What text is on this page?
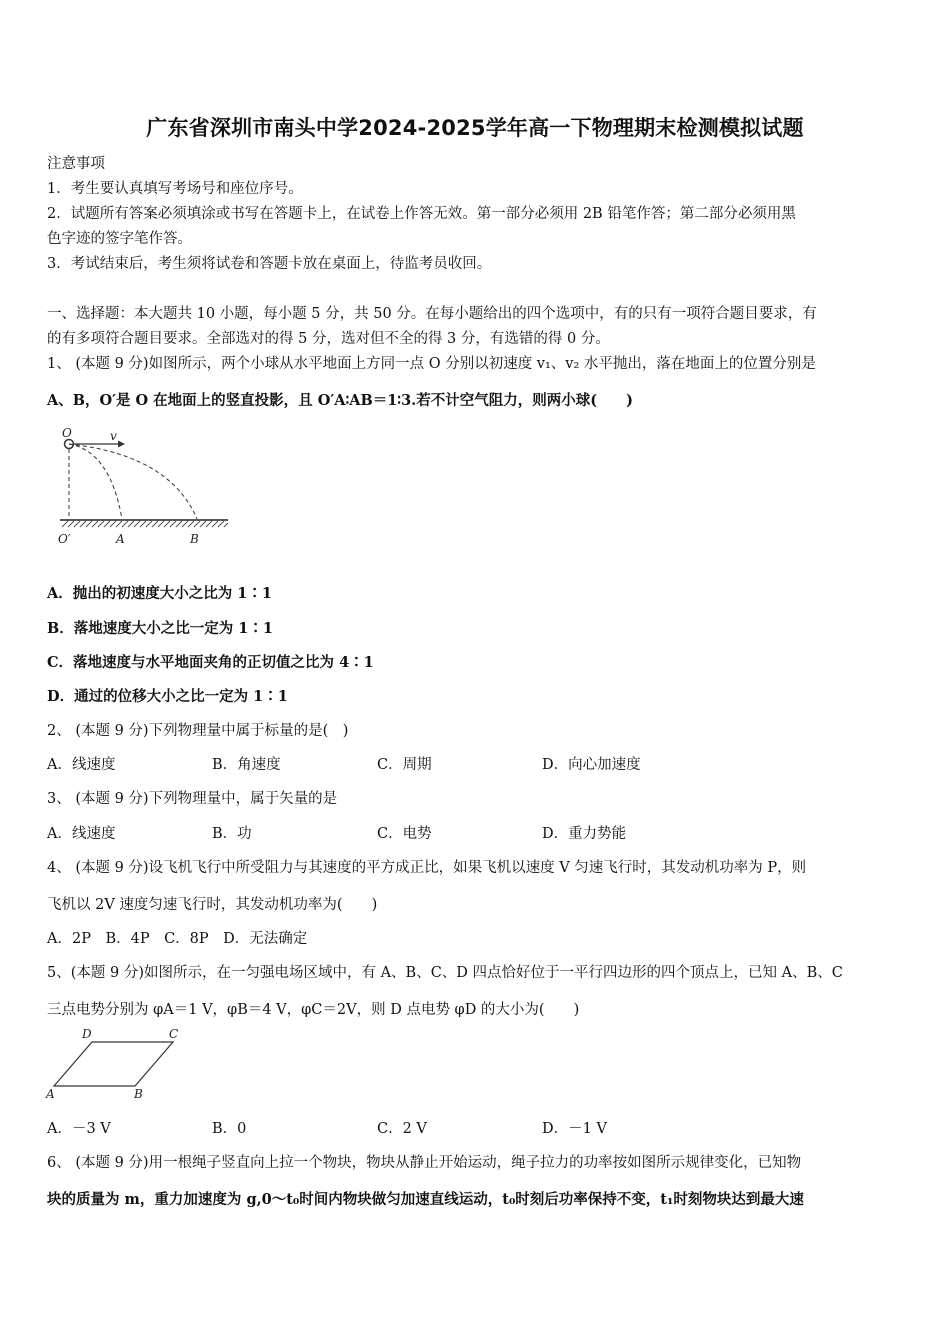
广东省深圳市南头中学2024-2025学年高一下物理期末检测模拟试题
注意事项
1．考生要认真填写考场号和座位序号。
2．试题所有答案必须填涂或书写在答题卡上，在试卷上作答无效。第一部分必须用 2B 铅笔作答；第二部分必须用黑
色字迹的签字笔作答。
3．考试结束后，考生须将试卷和答题卡放在桌面上，待监考员收回。
一、选择题：本大题共 10 小题，每小题 5 分，共 50 分。在每小题给出的四个选项中，有的只有一项符合题目要求，有
的有多项符合题目要求。全部选对的得 5 分，选对但不全的得 3 分，有选错的得 0 分。
1、 (本题 9 分)如图所示，两个小球从水平地面上方同一点 O 分别以初速度 v₁、v₂ 水平抛出，落在地面上的位置分别是
A、B，O′是 O 在地面上的竖直投影，且 O′A∶AB＝1∶3.若不计空气阻力，则两小球(　　)
O	v
O′	A	B
A．抛出的初速度大小之比为 1∶1
B．落地速度大小之比一定为 1∶1
C．落地速度与水平地面夹角的正切值之比为 4∶1
D．通过的位移大小之比一定为 1∶1
2、 (本题 9 分)下列物理量中属于标量的是(　)
A．线速度	B．角速度	C．周期	D．向心加速度
3、 (本题 9 分)下列物理量中，属于矢量的是
A．线速度	B．功	C．电势	D．重力势能
4、 (本题 9 分)设飞机飞行中所受阻力与其速度的平方成正比，如果飞机以速度 V 匀速飞行时，其发动机功率为 P，则
飞机以 2V 速度匀速飞行时，其发动机功率为(　　)
A．2P　B．4P　C．8P　D．无法确定
5、(本题 9 分)如图所示，在一匀强电场区域中，有 A、B、C、D 四点恰好位于一平行四边形的四个顶点上，已知 A、B、C
三点电势分别为 φA＝1 V，φB＝4 V，φC＝2V，则 D 点电势 φD 的大小为(　　)
D	C
A	B
A．－3 V	B．0	C．2 V	D．－1 V
6、 (本题 9 分)用一根绳子竖直向上拉一个物块，物块从静止开始运动，绳子拉力的功率按如图所示规律变化，已知物
块的质量为 m，重力加速度为 g,0～t₀时间内物块做匀加速直线运动，t₀时刻后功率保持不变，t₁时刻物块达到最大速
